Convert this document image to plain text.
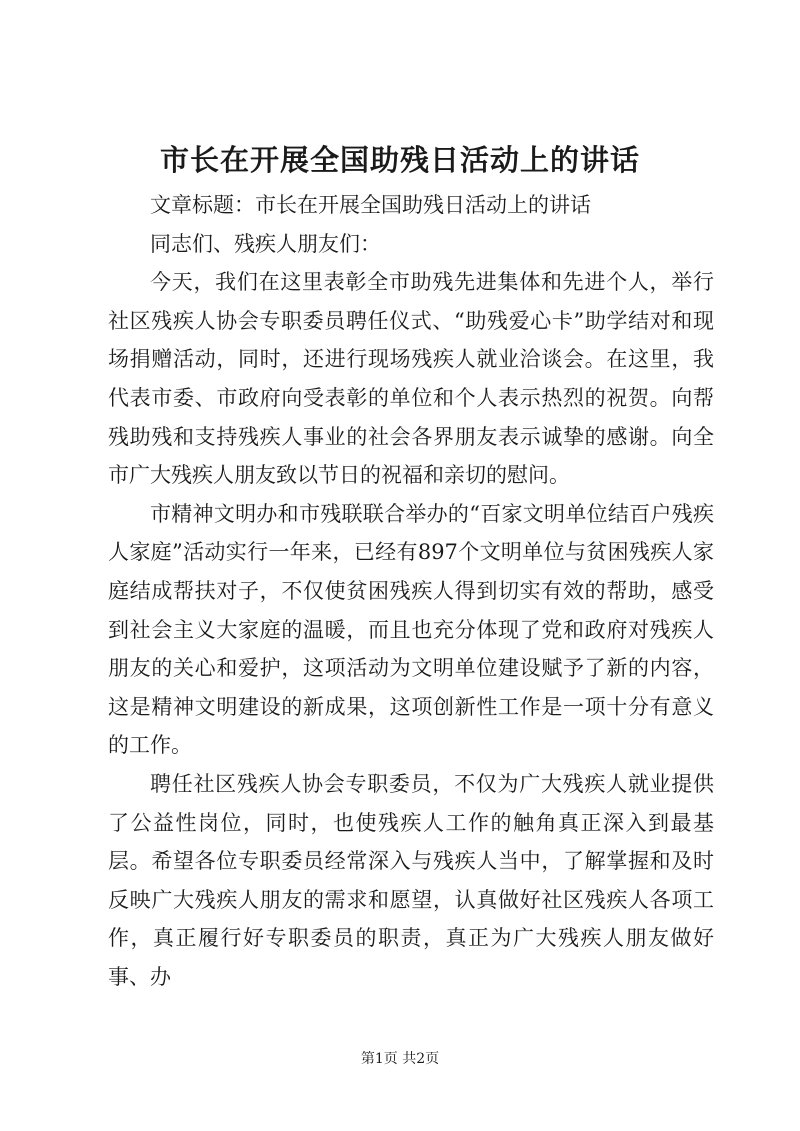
市长在开展全国助残日活动上的讲话

文章标题：市长在开展全国助残日活动上的讲话

同志们、残疾人朋友们：

今天，我们在这里表彰全市助残先进集体和先进个人，举行社区残疾人协会专职委员聘任仪式、“助残爱心卡”助学结对和现场捐赠活动，同时，还进行现场残疾人就业洽谈会。在这里，我代表市委、市政府向受表彰的单位和个人表示热烈的祝贺。向帮残助残和支持残疾人事业的社会各界朋友表示诚挚的感谢。向全市广大残疾人朋友致以节日的祝福和亲切的慰问。

市精神文明办和市残联联合举办的“百家文明单位结百户残疾人家庭”活动实行一年来，已经有897个文明单位与贫困残疾人家庭结成帮扶对子，不仅使贫困残疾人得到切实有效的帮助，感受到社会主义大家庭的温暖，而且也充分体现了党和政府对残疾人朋友的关心和爱护，这项活动为文明单位建设赋予了新的内容，这是精神文明建设的新成果，这项创新性工作是一项十分有意义的工作。

聘任社区残疾人协会专职委员，不仅为广大残疾人就业提供了公益性岗位，同时，也使残疾人工作的触角真正深入到最基层。希望各位专职委员经常深入与残疾人当中，了解掌握和及时反映广大残疾人朋友的需求和愿望，认真做好社区残疾人各项工作，真正履行好专职委员的职责，真正为广大残疾人朋友做好事、办

第1页 共2页
